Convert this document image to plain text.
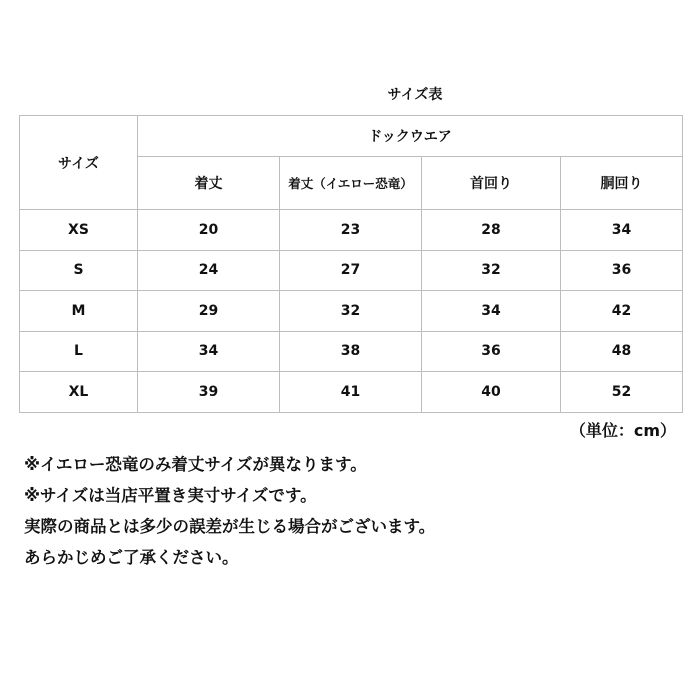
サイズ表
サイズ	ドックウエア			
	着丈	着丈（イエロー恐竜）	首回り	胴回り
XS	20	23	28	34
S	24	27	32	36
M	29	32	34	42
L	34	38	36	48
XL	39	41	40	52
（単位：cm）
※イエロー恐竜のみ着丈サイズが異なります。
※サイズは当店平置き実寸サイズです。
実際の商品とは多少の誤差が生じる場合がございます。
あらかじめご了承ください。
